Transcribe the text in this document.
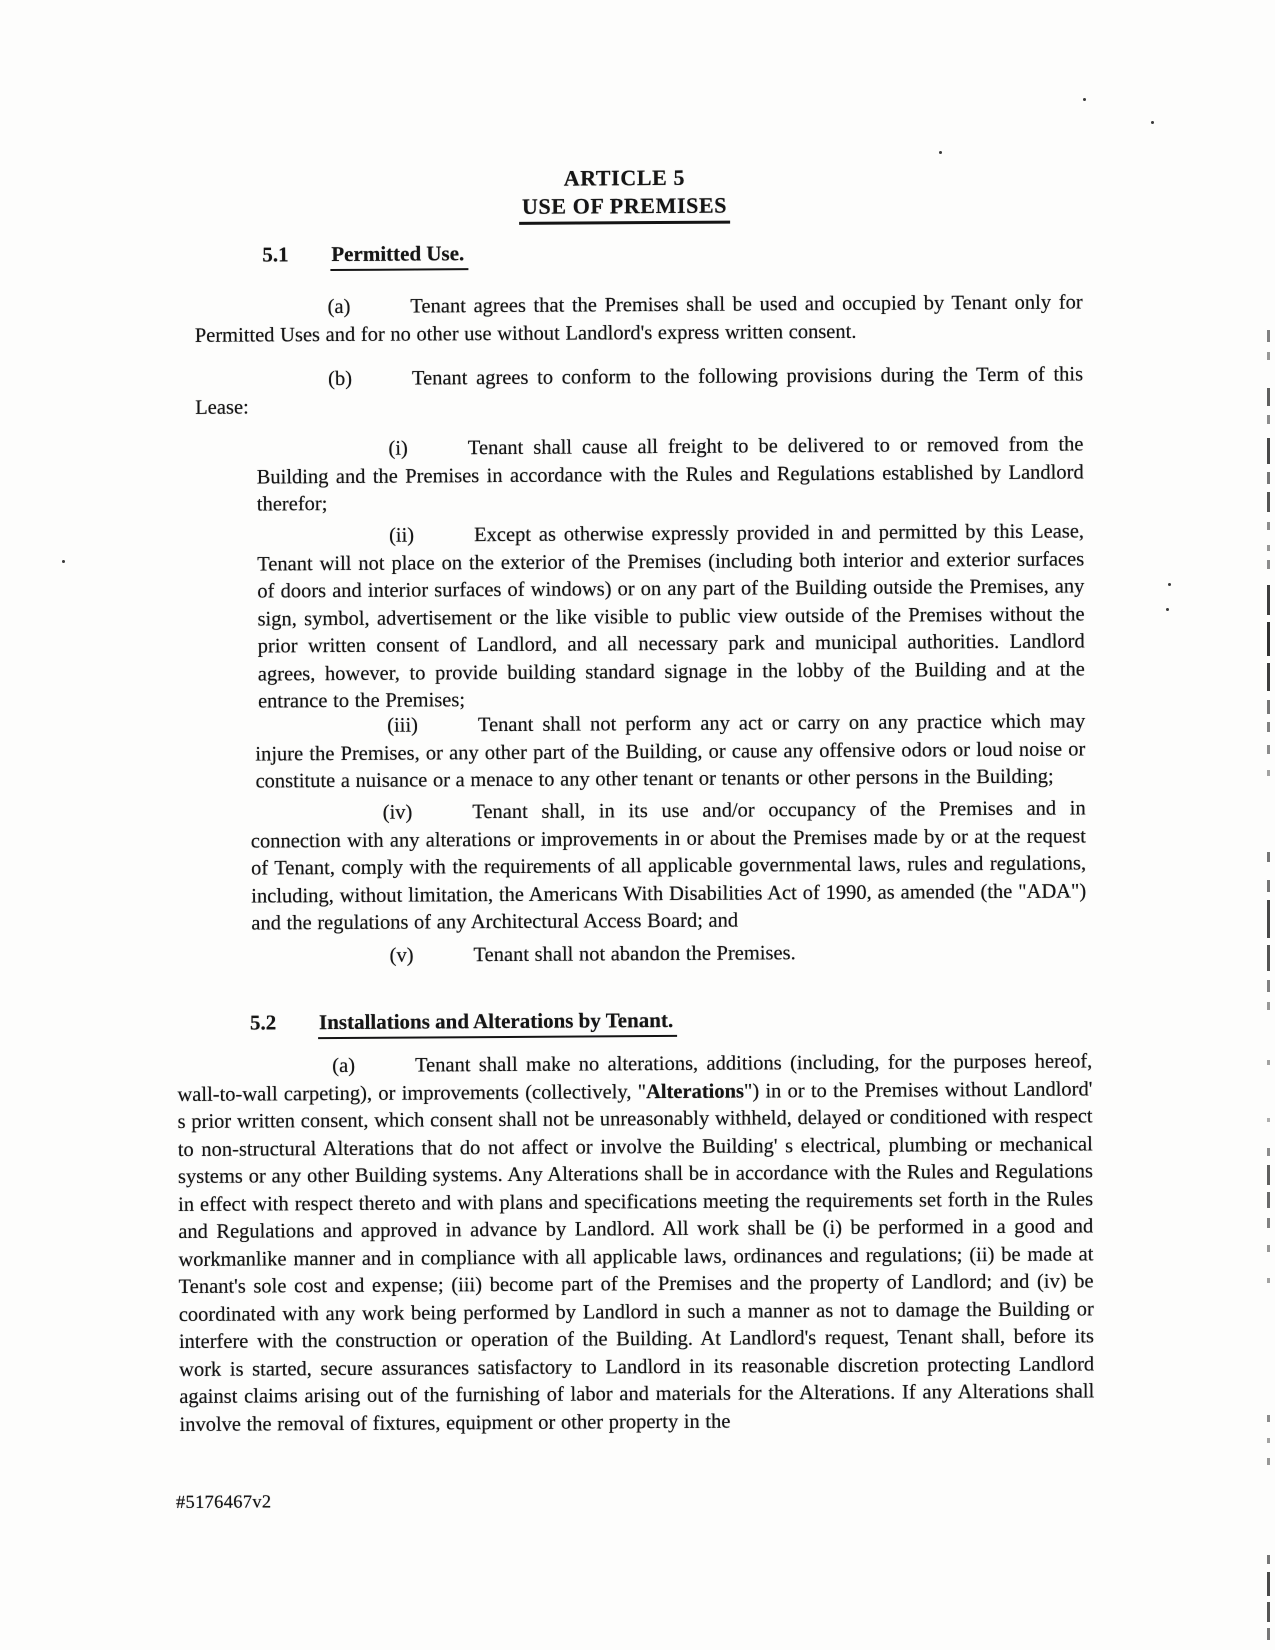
ARTICLE 5
USE OF PREMISES
5.1 Permitted Use.

(a)	Tenant agrees that the Premises shall be used and occupied by Tenant only for Permitted Uses and for no other use without Landlord's express written consent.

(b)	Tenant agrees to conform to the following provisions during the Term of this Lease:

(i)	Tenant shall cause all freight to be delivered to or removed from the Building and the Premises in accordance with the Rules and Regulations established by Landlord therefor;

(ii)	Except as otherwise expressly provided in and permitted by this Lease, Tenant will not place on the exterior of the Premises (including both interior and exterior surfaces of doors and interior surfaces of windows) or on any part of the Building outside the Premises, any sign, symbol, advertisement or the like visible to public view outside of the Premises without the prior written consent of Landlord, and all necessary park and municipal authorities. Landlord agrees, however, to provide building standard signage in the lobby of the Building and at the entrance to the Premises;

(iii)	Tenant shall not perform any act or carry on any practice which may injure the Premises, or any other part of the Building, or cause any offensive odors or loud noise or constitute a nuisance or a menace to any other tenant or tenants or other persons in the Building;

(iv)	Tenant shall, in its use and/or occupancy of the Premises and in connection with any alterations or improvements in or about the Premises made by or at the request of Tenant, comply with the requirements of all applicable governmental laws, rules and regulations, including, without limitation, the Americans With Disabilities Act of 1990, as amended (the "ADA") and the regulations of any Architectural Access Board; and

(v)	Tenant shall not abandon the Premises.

5.2 Installations and Alterations by Tenant.

(a)	Tenant shall make no alterations, additions (including, for the purposes hereof, wall-to-wall carpeting), or improvements (collectively, "Alterations") in or to the Premises without Landlord' s prior written consent, which consent shall not be unreasonably withheld, delayed or conditioned with respect to non-structural Alterations that do not affect or involve the Building' s electrical, plumbing or mechanical systems or any other Building systems. Any Alterations shall be in accordance with the Rules and Regulations in effect with respect thereto and with plans and specifications meeting the requirements set forth in the Rules and Regulations and approved in advance by Landlord. All work shall be (i) be performed in a good and workmanlike manner and in compliance with all applicable laws, ordinances and regulations; (ii) be made at Tenant's sole cost and expense; (iii) become part of the Premises and the property of Landlord; and (iv) be coordinated with any work being performed by Landlord in such a manner as not to damage the Building or interfere with the construction or operation of the Building. At Landlord's request, Tenant shall, before its work is started, secure assurances satisfactory to Landlord in its reasonable discretion protecting Landlord against claims arising out of the furnishing of labor and materials for the Alterations. If any Alterations shall involve the removal of fixtures, equipment or other property in the

#5176467v2
